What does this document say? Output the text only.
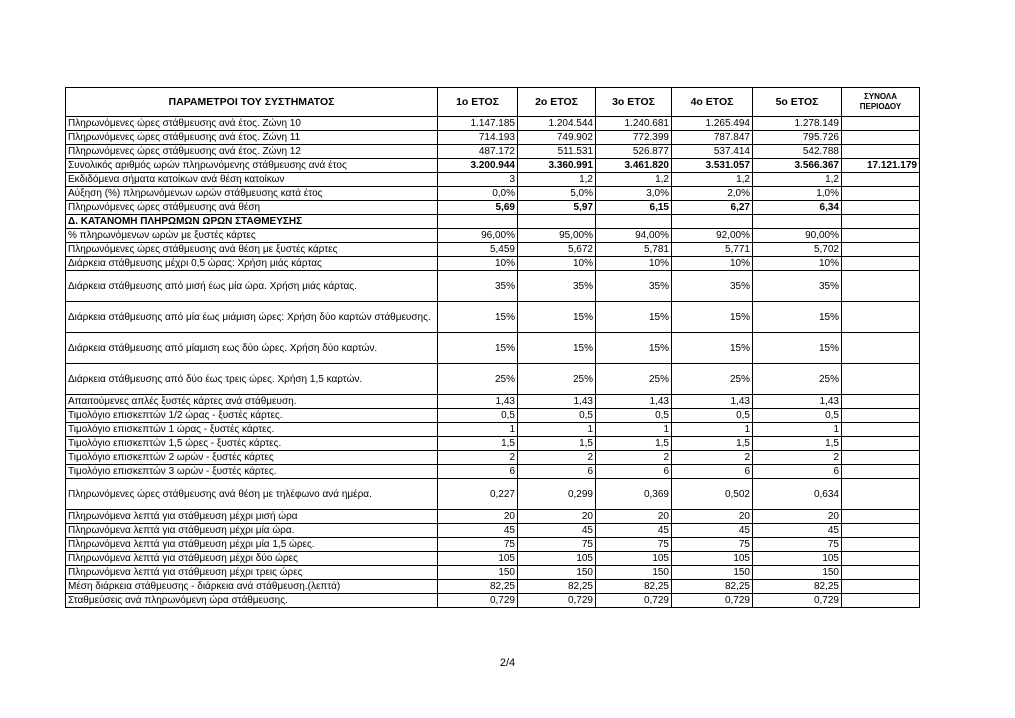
ΠΑΡΑΜΕΤΡΟΙ ΤΟΥ ΣΥΣΤΗΜΑΤΟΣ	1ο ΕΤΟΣ	2ο ΕΤΟΣ	3ο ΕΤΟΣ	4ο ΕΤΟΣ	5ο ΕΤΟΣ	ΣΥΝΟΛΑ ΠΕΡΙΟΔΟΥ
Πληρωνόμενες ώρες στάθμευσης ανά έτος. Ζώνη 10	1.147.185	1.204.544	1.240.681	1.265.494	1.278.149	
Πληρωνόμενες ώρες στάθμευσης ανά έτος. Ζώνη 11	714.193	749.902	772.399	787.847	795.726	
Πληρωνόμενες ώρες στάθμευσης ανά έτος. Ζώνη 12	487.172	511.531	526.877	537.414	542.788	
Συνολικός αριθμός ωρών πληρωνόμενης στάθμευσης ανά έτος	3.200.944	3.360.991	3.461.820	3.531.057	3.566.367	17.121.179
Εκδιδόμενα σήματα κατοίκων ανά θέση κατοίκων	3	1,2	1,2	1,2	1,2	
Αύξηση (%) πληρωνόμενων ωρών στάθμευσης κατά έτος	0,0%	5,0%	3,0%	2,0%	1,0%	
Πληρωνόμενες ώρες στάθμευσης ανά θέση	5,69	5,97	6,15	6,27	6,34	
Δ. ΚΑΤΑΝΟΜΗ ΠΛΗΡΩΜΩΝ ΩΡΩΝ ΣΤΑΘΜΕΥΣΗΣ						
% πληρωνόμενων ωρών με ξυστές κάρτες	96,00%	95,00%	94,00%	92,00%	90,00%	
Πληρωνόμενες ώρες στάθμευσης ανά θέση με ξυστές κάρτες	5,459	5,672	5,781	5,771	5,702	
Διάρκεια στάθμευσης μέχρι 0,5 ώρας: Χρήση μιάς κάρτας	10%	10%	10%	10%	10%	
Διάρκεια στάθμευσης από μισή έως μία ώρα. Χρήση μιάς κάρτας.	35%	35%	35%	35%	35%	
Διάρκεια στάθμευσης από μία έως μιάμιση ώρες: Χρήση δύο καρτών στάθμευσης.	15%	15%	15%	15%	15%	
Διάρκεια στάθμευσης από μίαμιση εως δύο ώρες. Χρήση δύο καρτών.	15%	15%	15%	15%	15%	
Διάρκεια στάθμευσης από δύο έως τρεις ώρες. Χρήση 1,5 καρτών.	25%	25%	25%	25%	25%	
Απαιτούμενες απλές ξυστές κάρτες ανά στάθμευση.	1,43	1,43	1,43	1,43	1,43	
Τιμολόγιο επισκεπτών 1/2 ώρας - ξυστές κάρτες.	0,5	0,5	0,5	0,5	0,5	
Τιμολόγιο επισκεπτών 1 ώρας - ξυστές κάρτες.	1	1	1	1	1	
Τιμολόγιο επισκεπτών 1,5 ώρες - ξυστές κάρτες.	1,5	1,5	1,5	1,5	1,5	
Τιμολόγιο επισκεπτών 2 ωρών - ξυστές κάρτες	2	2	2	2	2	
Τιμολόγιο επισκεπτών 3 ωρών - ξυστές κάρτες.	6	6	6	6	6	
Πληρωνόμενες ώρες στάθμευσης ανά θέση με τηλέφωνο ανά ημέρα.	0,227	0,299	0,369	0,502	0,634	
Πληρωνόμενα λεπτά για στάθμευση μέχρι μισή ώρα	20	20	20	20	20	
Πληρωνόμενα λεπτά για στάθμευση μέχρι μία ώρα.	45	45	45	45	45	
Πληρωνόμενα λεπτά για στάθμευση μέχρι μία 1,5 ώρες.	75	75	75	75	75	
Πληρωνόμενα λεπτά για στάθμευση μέχρι δύο ώρες	105	105	105	105	105	
Πληρωνόμενα λεπτά για στάθμευση μέχρι τρεις ώρες	150	150	150	150	150	
Μέση διάρκεια στάθμευσης - διάρκεια ανά στάθμευση.(λεπτά)	82,25	82,25	82,25	82,25	82,25	
Σταθμεύσεις ανά πληρωνόμενη ώρα στάθμευσης.	0,729	0,729	0,729	0,729	0,729	
2/4
